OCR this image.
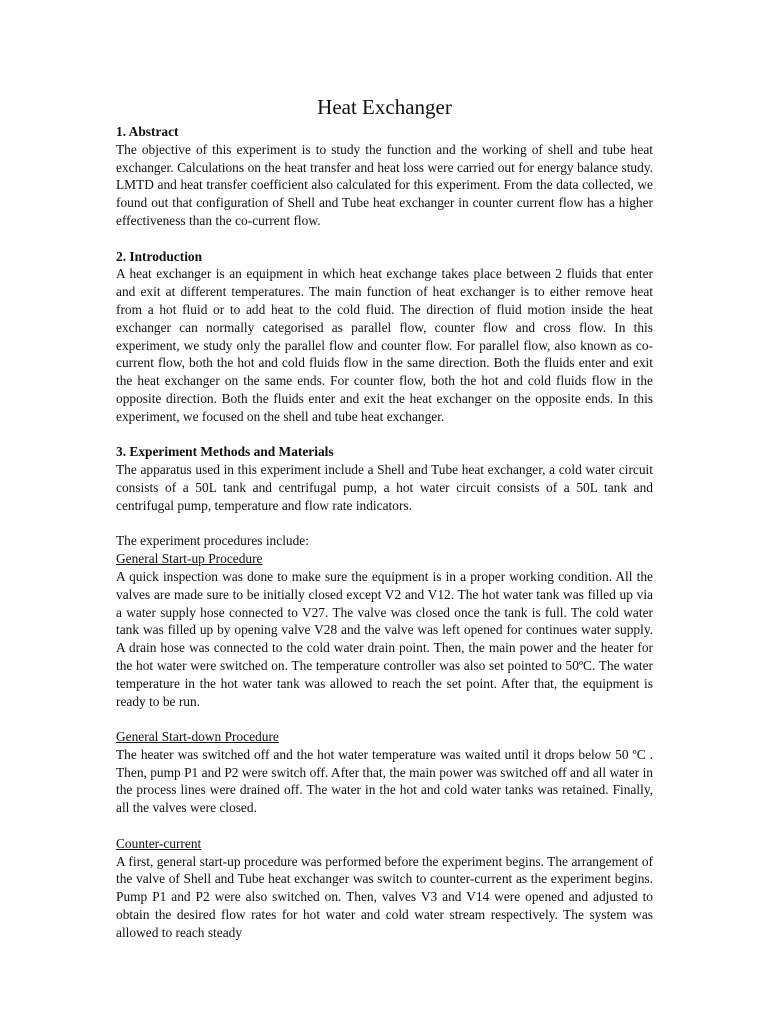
Heat Exchanger
1. Abstract

The objective of this experiment is to study the function and the working of shell and tube heat exchanger. Calculations on the heat transfer and heat loss were carried out for energy balance study. LMTD and heat transfer coefficient also calculated for this experiment. From the data collected, we found out that configuration of Shell and Tube heat exchanger in counter current flow has a higher effectiveness than the co-current flow.

2. Introduction

A heat exchanger is an equipment in which heat exchange takes place between 2 fluids that enter and exit at different temperatures. The main function of heat exchanger is to either remove heat from a hot fluid or to add heat to the cold fluid. The direction of fluid motion inside the heat exchanger can normally categorised as parallel flow, counter flow and cross flow. In this experiment, we study only the parallel flow and counter flow. For parallel flow, also known as co-current flow, both the hot and cold fluids flow in the same direction. Both the fluids enter and exit the heat exchanger on the same ends. For counter flow, both the hot and cold fluids flow in the opposite direction. Both the fluids enter and exit the heat exchanger on the opposite ends. In this experiment, we focused on the shell and tube heat exchanger.

3. Experiment Methods and Materials

The apparatus used in this experiment include a Shell and Tube heat exchanger, a cold water circuit consists of a 50L tank and centrifugal pump, a hot water circuit consists of a 50L tank and centrifugal pump, temperature and flow rate indicators.

The experiment procedures include:

General Start-up Procedure

A quick inspection was done to make sure the equipment is in a proper working condition. All the valves are made sure to be initially closed except V2 and V12. The hot water tank was filled up via a water supply hose connected to V27. The valve was closed once the tank is full. The cold water tank was filled up by opening valve V28 and the valve was left opened for continues water supply. A drain hose was connected to the cold water drain point. Then, the main power and the heater for the hot water were switched on. The temperature controller was also set pointed to 50ºC. The water temperature in the hot water tank was allowed to reach the set point. After that, the equipment is ready to be run.

General Start-down Procedure

The heater was switched off and the hot water temperature was waited until it drops below 50 ºC . Then, pump P1 and P2 were switch off. After that, the main power was switched off and all water in the process lines were drained off. The water in the hot and cold water tanks was retained. Finally, all the valves were closed.

Counter-current

A first, general start-up procedure was performed before the experiment begins. The arrangement of the valve of Shell and Tube heat exchanger was switch to counter-current as the experiment begins. Pump P1 and P2 were also switched on. Then, valves V3 and V14 were opened and adjusted to obtain the desired flow rates for hot water and cold water stream respectively. The system was allowed to reach steady
